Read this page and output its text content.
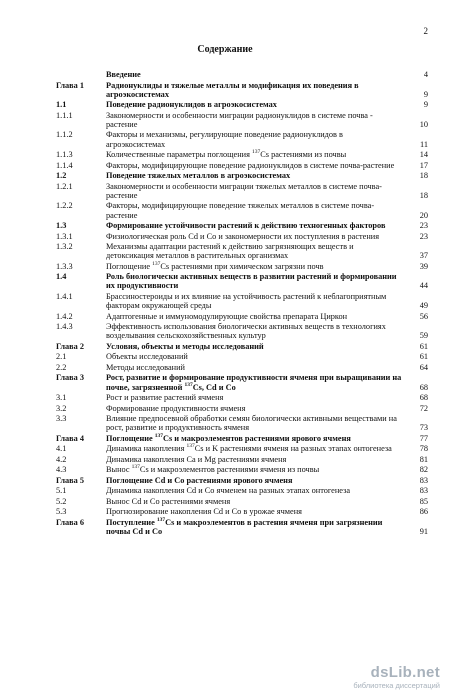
2
Содержание
Введение	4
Глава 1	Радионуклиды и тяжелые металлы и модификация их поведения в агроэкосистемах	9
1.1	Поведение радионуклидов в агроэкосистемах	9
1.1.1	Закономерности и особенности миграции радионуклидов в системе почва - растение	10
1.1.2	Факторы и механизмы, регулирующие поведение радионуклидов в агроэкосистемах	11
1.1.3	Количественные параметры поглощения $^{137}$Cs растениями из почвы	14
1.1.4	Факторы, модифицирующие поведение радионуклидов в системе почва-растение	17
1.2	Поведение тяжелых металлов в агроэкосистемах	18
1.2.1	Закономерности и особенности миграции тяжелых металлов в системе почва-растение	18
1.2.2	Факторы, модифицирующие поведение тяжелых металлов в системе почва-растение	20
1.3	Формирование устойчивости растений к действию техногенных факторов	23
1.3.1	Физиологическая роль Cd и Co и закономерности их поступления в растения	23
1.3.2	Механизмы адаптации растений к действию загрязняющих веществ и детоксикация металлов в растительных организмах	37
1.3.3	Поглощение $^{137}$Cs растениями при химическом загрязни почв	39
1.4	Роль биологически активных веществ в развитии растений и формировании их продуктивности	44
1.4.1	Брассиностероиды и их влияние на устойчивость растений к неблагоприятным факторам окружающей среды	49
1.4.2	Адаптогенные и иммуномодулирующие свойства препарата Циркон	56
1.4.3	Эффективность использования биологически активных веществ в технологиях возделывания сельскохозяйственных культур	59
Глава 2	Условия, объекты и методы исследований	61
2.1	Объекты исследований	61
2.2	Методы исследований	64
Глава 3	Рост, развитие и формирование продуктивности ячменя при выращивании на почве, загрязненной $^{137}$Cs, Cd и Co	68
3.1	Рост и развитие растений ячменя	68
3.2	Формирование продуктивности ячменя	72
3.3	Влияние предпосевной обработки семян биологически активными веществами на рост, развитие и продуктивность ячменя	73
Глава 4	Поглощение $^{137}$Cs и макроэлементов растениями ярового ячменя	77
4.1	Динамика накопления $^{137}$Cs и K растениями ячменя на разных этапах онтогенеза	78
4.2	Динамика накопления Ca и Mg растениями ячменя	81
4.3	Вынос $^{137}$Cs и макроэлементов растениями ячменя из почвы	82
Глава 5	Поглощение Cd и Co растениями ярового ячменя	83
5.1	Динамика накопления Cd и Co ячменем на разных этапах онтогенеза	83
5.2	Вынос Cd и Co растениями ячменя	85
5.3	Прогнозирование накопления Cd и Co в урожае ячменя	86
Глава 6	Поступление $^{137}$Cs и макроэлементов в растения ячменя при загрязнении почвы Cd и Co	91
dsLib.net
библиотека диссертаций
